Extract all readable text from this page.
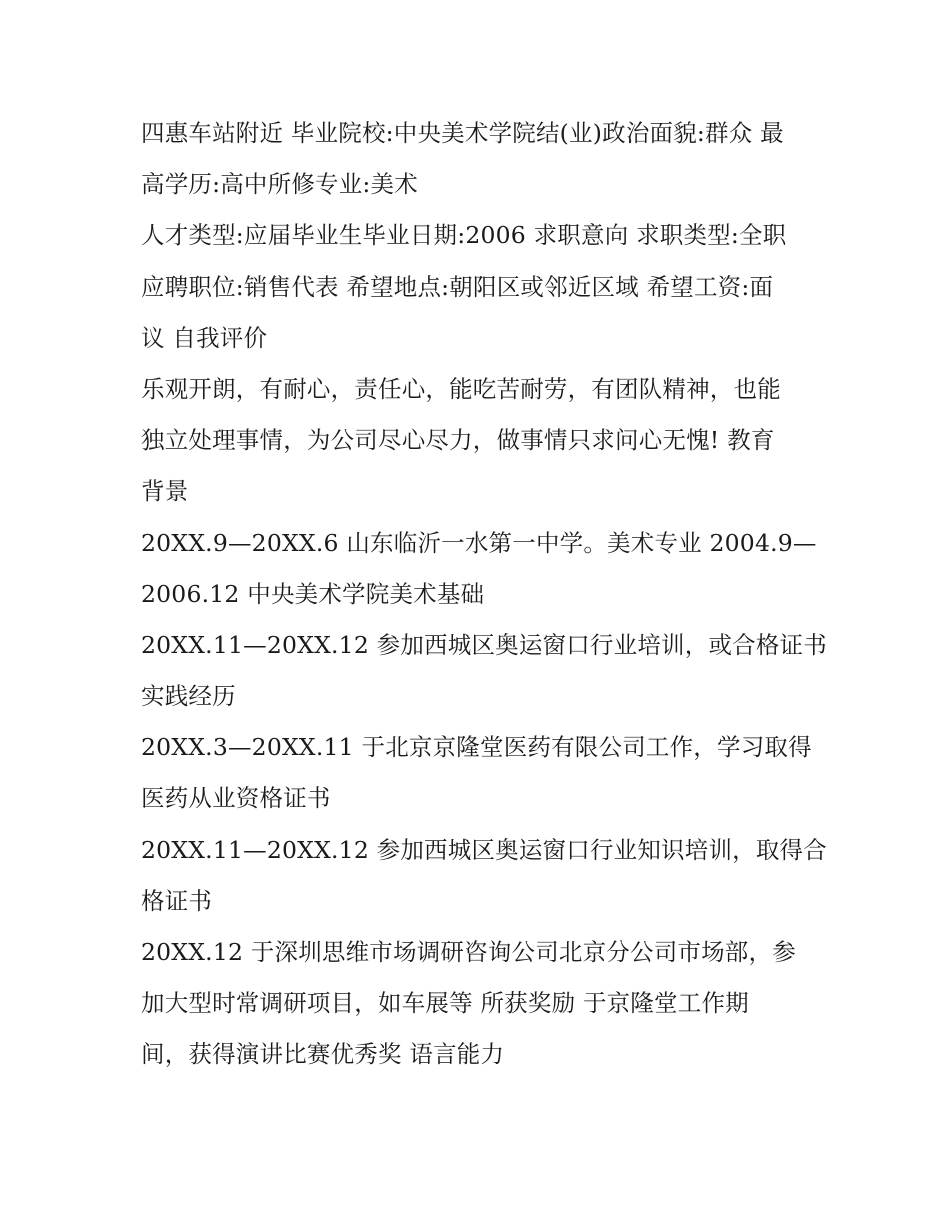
四惠车站附近 毕业院校:中央美术学院结(业)政治面貌:群众 最
高学历:高中所修专业:美术
人才类型:应届毕业生毕业日期:2006 求职意向 求职类型:全职
应聘职位:销售代表 希望地点:朝阳区或邻近区域 希望工资:面
议 自我评价
乐观开朗，有耐心，责任心，能吃苦耐劳，有团队精神，也能
独立处理事情，为公司尽心尽力，做事情只求问心无愧! 教育
背景
20XX.9—20XX.6 山东临沂一水第一中学。美术专业 2004.9—
2006.12 中央美术学院美术基础
20XX.11—20XX.12 参加西城区奥运窗口行业培训，或合格证书
实践经历
20XX.3—20XX.11 于北京京隆堂医药有限公司工作，学习取得
医药从业资格证书
20XX.11—20XX.12 参加西城区奥运窗口行业知识培训，取得合
格证书
20XX.12 于深圳思维市场调研咨询公司北京分公司市场部，参
加大型时常调研项目，如车展等 所获奖励 于京隆堂工作期
间，获得演讲比赛优秀奖 语言能力
